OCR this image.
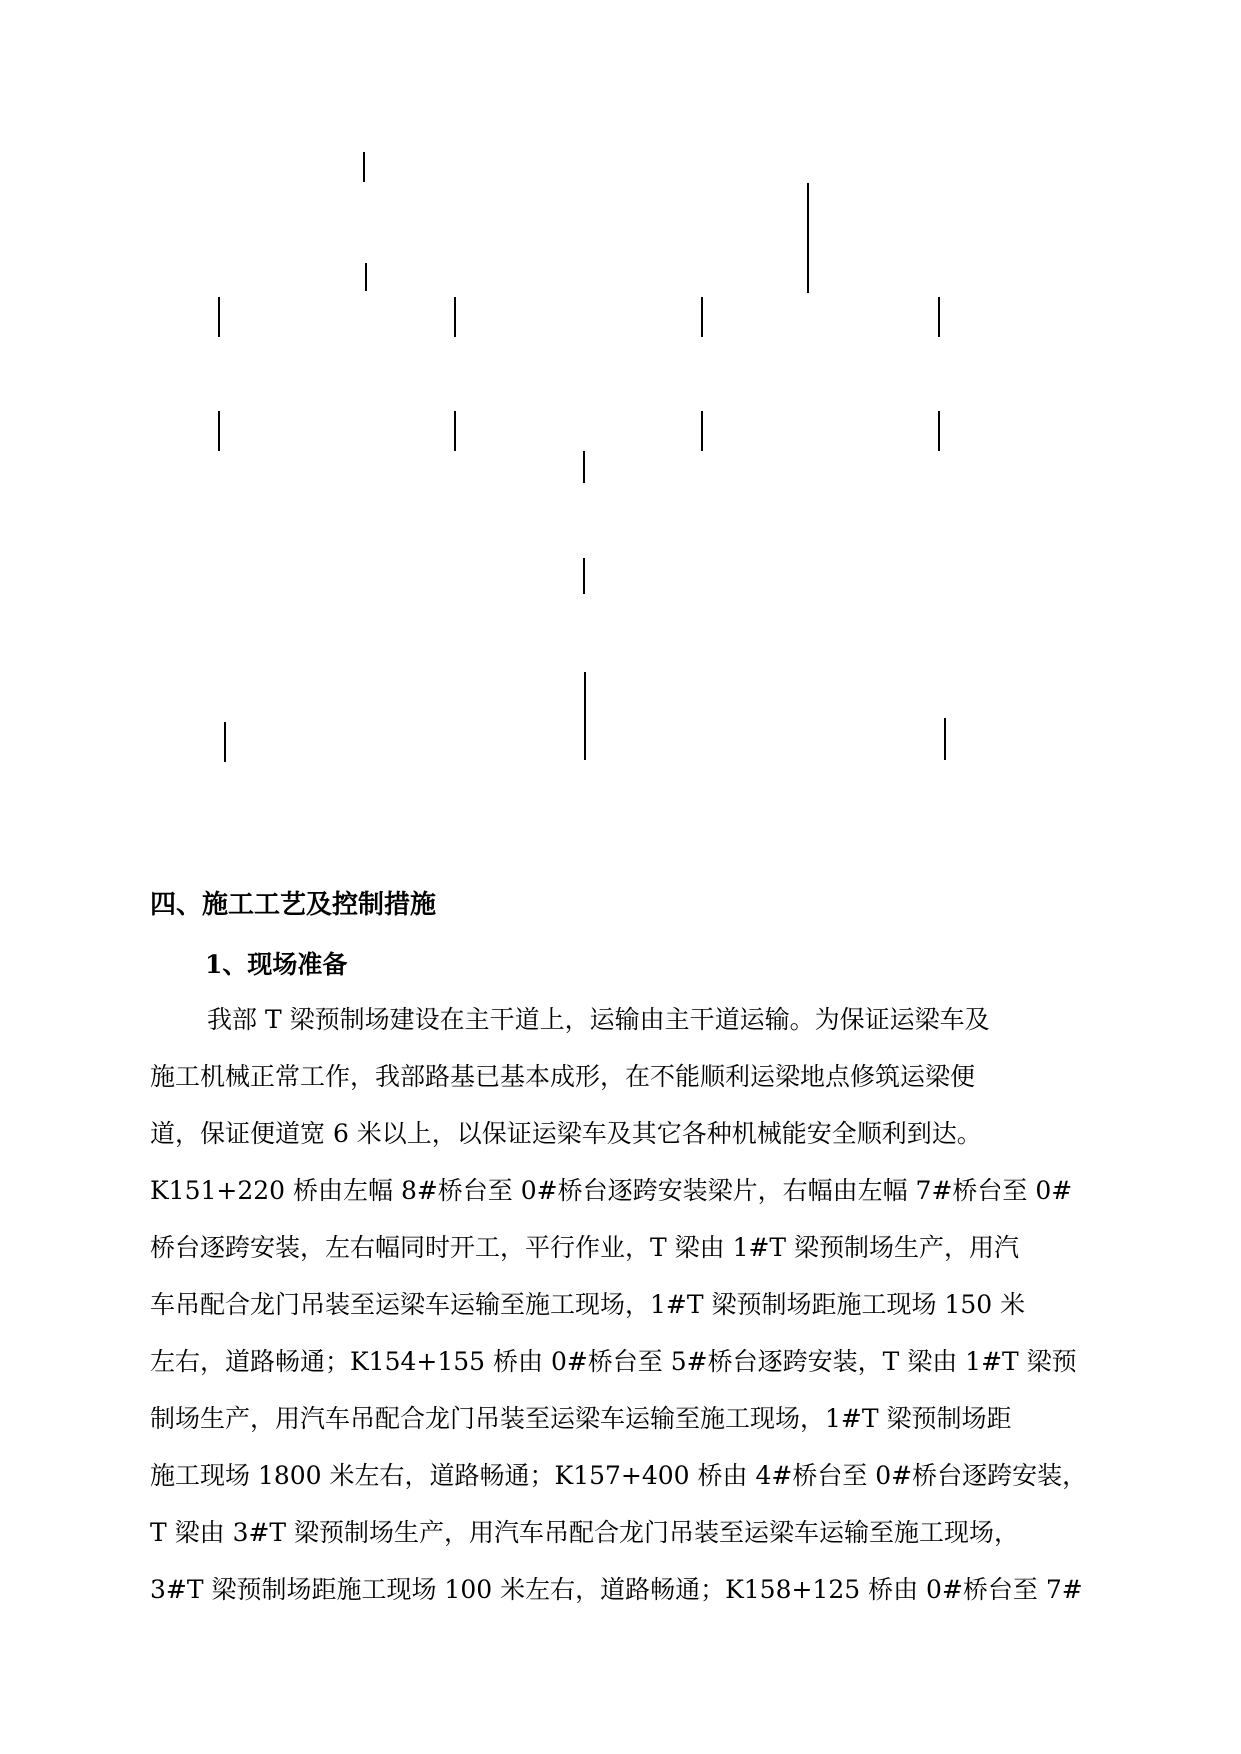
四、施工工艺及控制措施
1、现场准备
我部 T 梁预制场建设在主干道上，运输由主干道运输。为保证运梁车及
施工机械正常工作，我部路基已基本成形，在不能顺利运梁地点修筑运梁便
道，保证便道宽 6 米以上，以保证运梁车及其它各种机械能安全顺利到达。
K151+220 桥由左幅 8#桥台至 0#桥台逐跨安装梁片，右幅由左幅 7#桥台至 0#
桥台逐跨安装，左右幅同时开工，平行作业，T 梁由 1#T 梁预制场生产，用汽
车吊配合龙门吊装至运梁车运输至施工现场，1#T 梁预制场距施工现场 150 米
左右，道路畅通；K154+155 桥由 0#桥台至 5#桥台逐跨安装，T 梁由 1#T 梁预
制场生产，用汽车吊配合龙门吊装至运梁车运输至施工现场，1#T 梁预制场距
施工现场 1800 米左右，道路畅通；K157+400 桥由 4#桥台至 0#桥台逐跨安装，
T 梁由 3#T 梁预制场生产，用汽车吊配合龙门吊装至运梁车运输至施工现场，
3#T 梁预制场距施工现场 100 米左右，道路畅通；K158+125 桥由 0#桥台至 7#
